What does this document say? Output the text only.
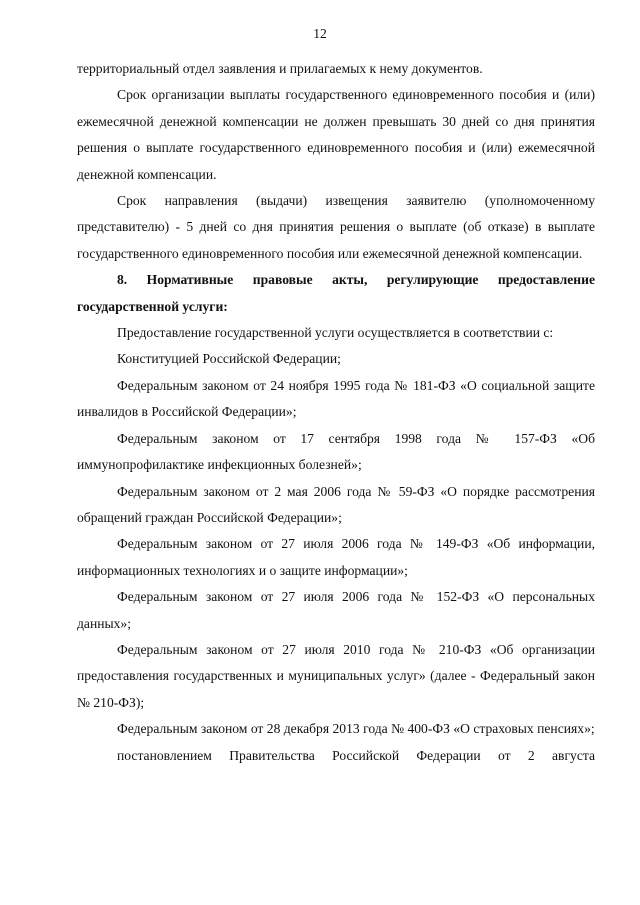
12

территориальный отдел заявления и прилагаемых к нему документов.

Срок организации выплаты государственного единовременного пособия и (или) ежемесячной денежной компенсации не должен превышать 30 дней со дня принятия решения о выплате государственного единовременного пособия и (или) ежемесячной денежной компенсации.

Срок направления (выдачи) извещения заявителю (уполномоченному представителю) - 5 дней со дня принятия решения о выплате (об отказе) в выплате государственного единовременного пособия или ежемесячной денежной компенсации.

8. Нормативные правовые акты, регулирующие предоставление государственной услуги:

Предоставление государственной услуги осуществляется в соответствии с:

Конституцией Российской Федерации;

Федеральным законом от 24 ноября 1995 года № 181-ФЗ «О социальной защите инвалидов в Российской Федерации»;

Федеральным законом от 17 сентября 1998 года № 157-ФЗ «Об иммунопрофилактике инфекционных болезней»;

Федеральным законом от 2 мая 2006 года № 59-ФЗ «О порядке рассмотрения обращений граждан Российской Федерации»;

Федеральным законом от 27 июля 2006 года № 149-ФЗ «Об информации, информационных технологиях и о защите информации»;

Федеральным законом от 27 июля 2006 года № 152-ФЗ «О персональных данных»;

Федеральным законом от 27 июля 2010 года № 210-ФЗ «Об организации предоставления государственных и муниципальных услуг» (далее - Федеральный закон № 210-ФЗ);

Федеральным законом от 28 декабря 2013 года № 400-ФЗ «О страховых пенсиях»;

постановлением Правительства Российской Федерации от 2 августа
